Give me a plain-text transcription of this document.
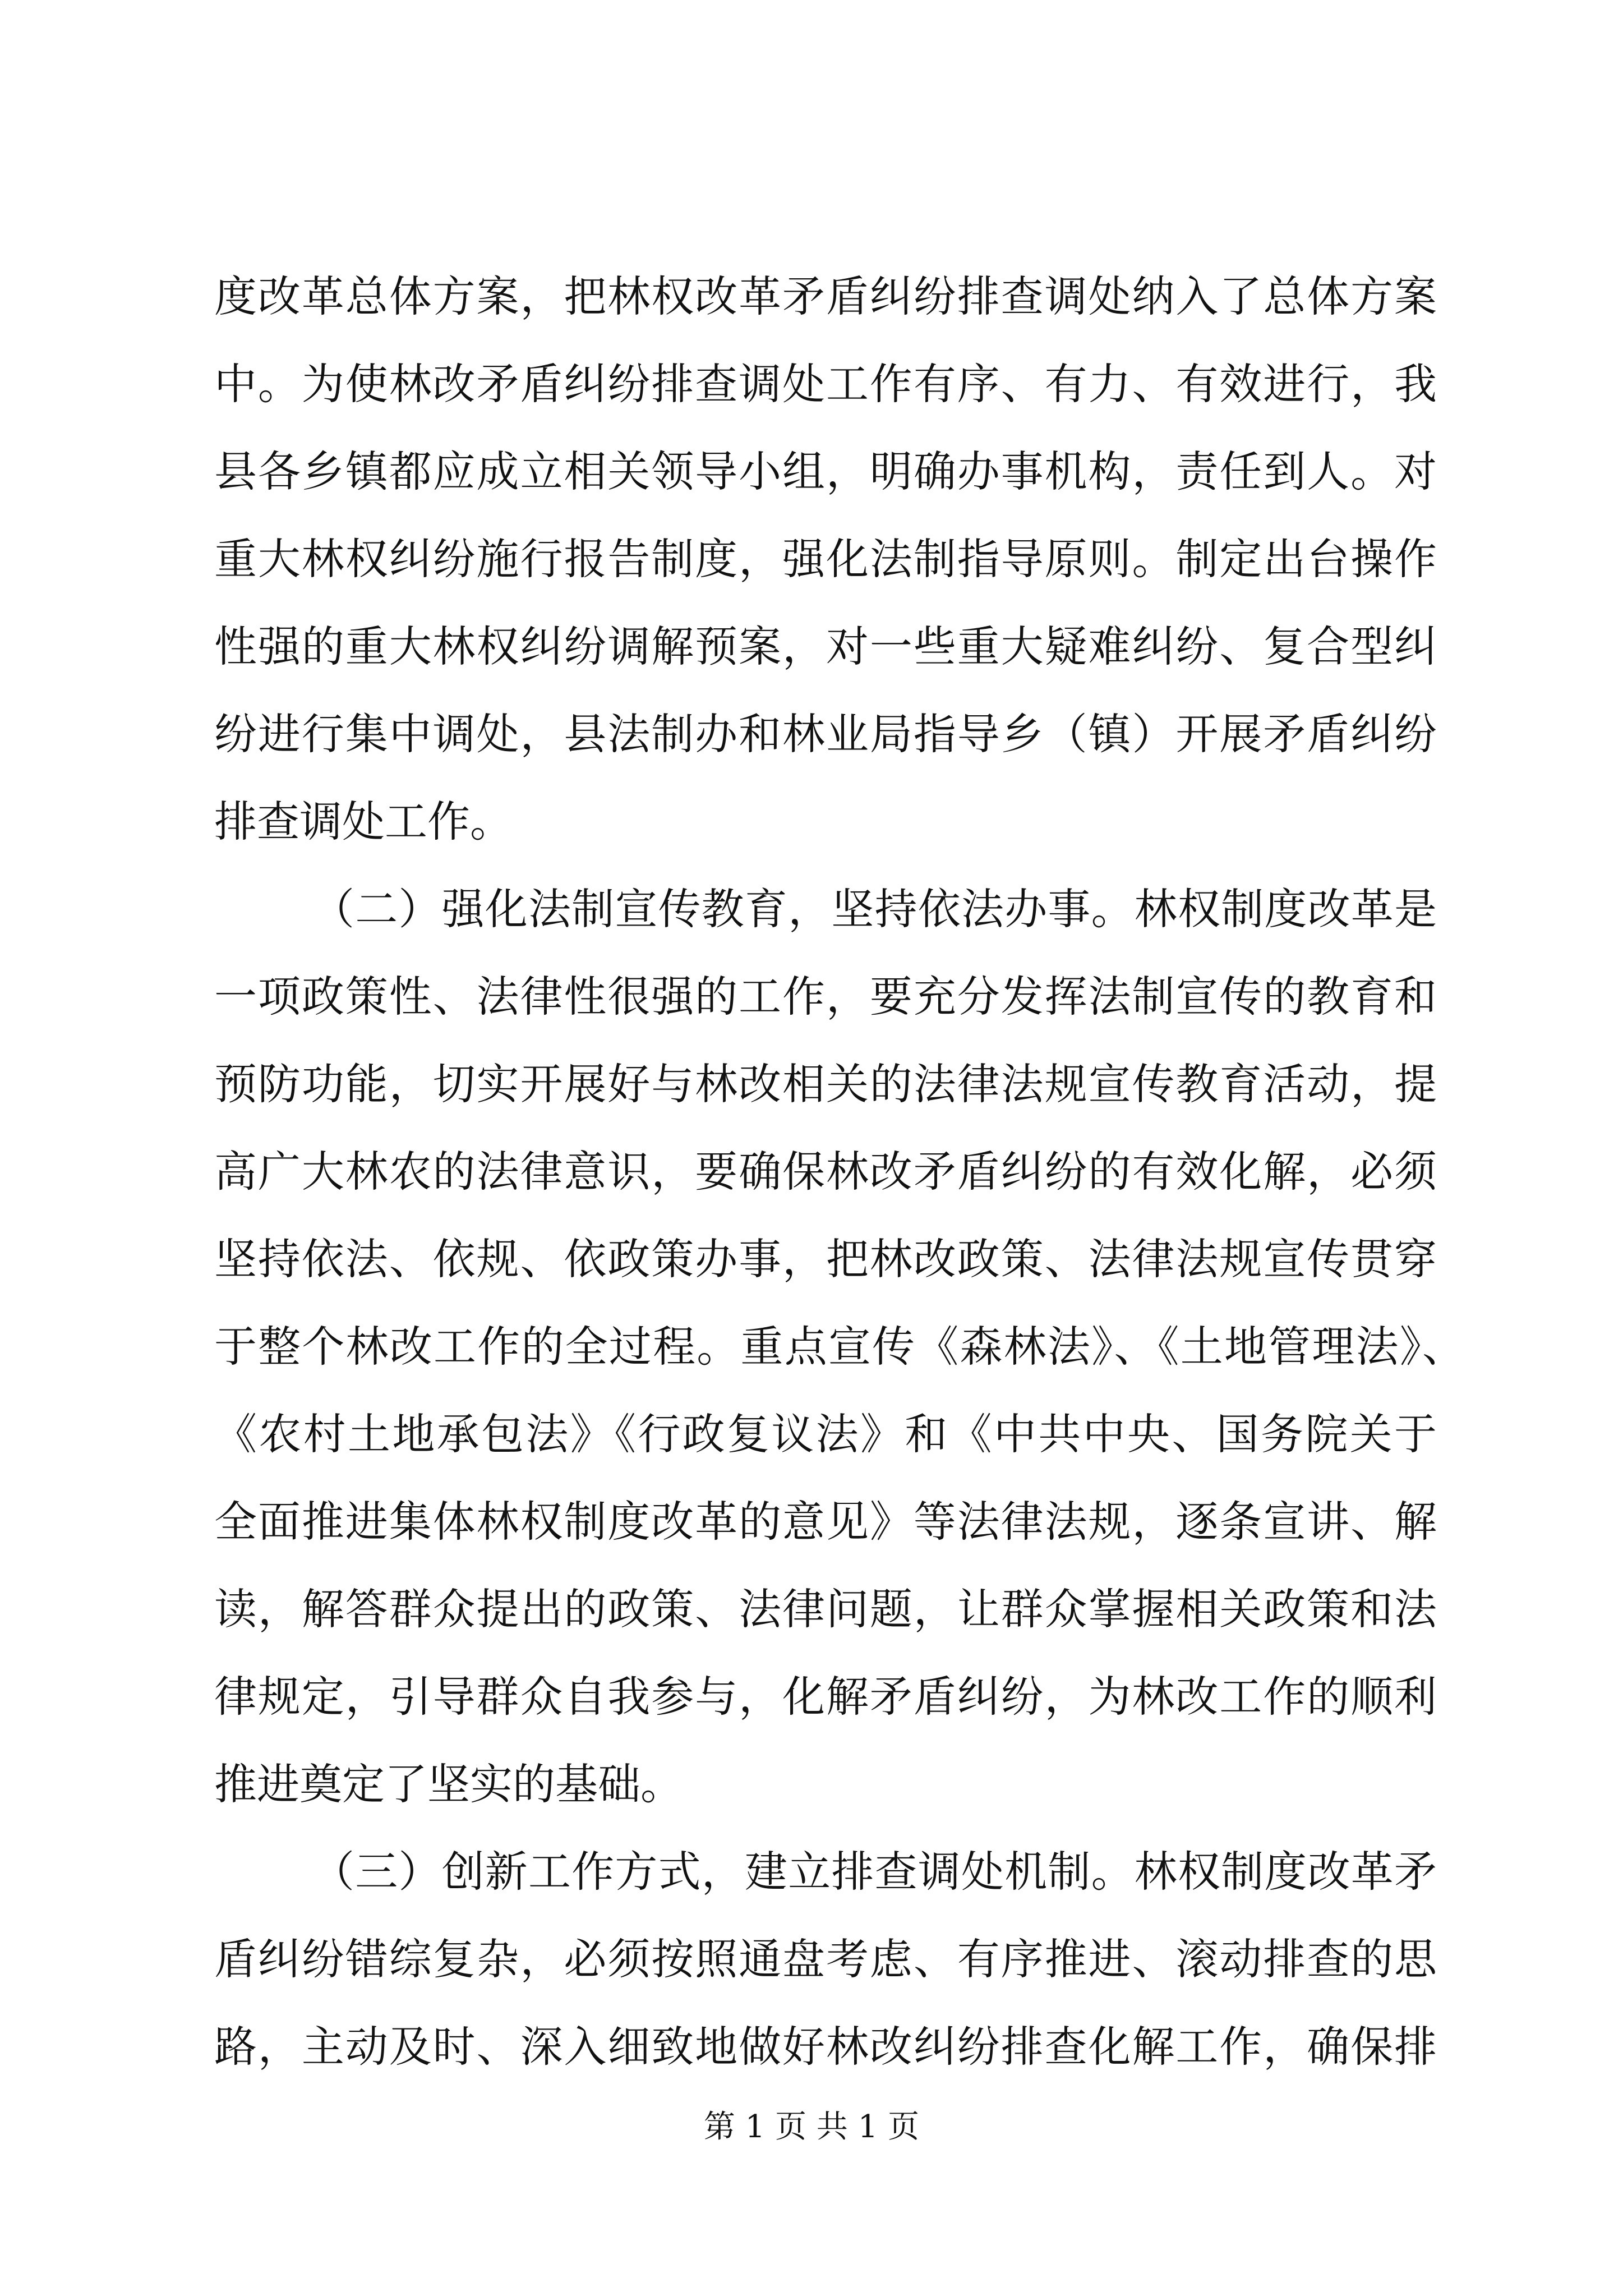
度改革总体方案，把林权改革矛盾纠纷排查调处纳入了总体方案
中。为使林改矛盾纠纷排查调处工作有序、有力、有效进行，我
县各乡镇都应成立相关领导小组，明确办事机构，责任到人。对
重大林权纠纷施行报告制度，强化法制指导原则。制定出台操作
性强的重大林权纠纷调解预案，对一些重大疑难纠纷、复合型纠
纷进行集中调处，县法制办和林业局指导乡（镇）开展矛盾纠纷
排查调处工作。
（二）强化法制宣传教育，坚持依法办事。林权制度改革是
一项政策性、法律性很强的工作，要充分发挥法制宣传的教育和
预防功能，切实开展好与林改相关的法律法规宣传教育活动，提
高广大林农的法律意识，要确保林改矛盾纠纷的有效化解，必须
坚持依法、依规、依政策办事，把林改政策、法律法规宣传贯穿
于整个林改工作的全过程。重点宣传《森林法》、《土地管理法》、
《农村土地承包法》《行政复议法》和《中共中央、国务院关于
全面推进集体林权制度改革的意见》等法律法规，逐条宣讲、解
读，解答群众提出的政策、法律问题，让群众掌握相关政策和法
律规定，引导群众自我参与，化解矛盾纠纷，为林改工作的顺利
推进奠定了坚实的基础。
（三）创新工作方式，建立排查调处机制。林权制度改革矛
盾纠纷错综复杂，必须按照通盘考虑、有序推进、滚动排查的思
路，主动及时、深入细致地做好林改纠纷排查化解工作，确保排
第 1 页 共 1 页
